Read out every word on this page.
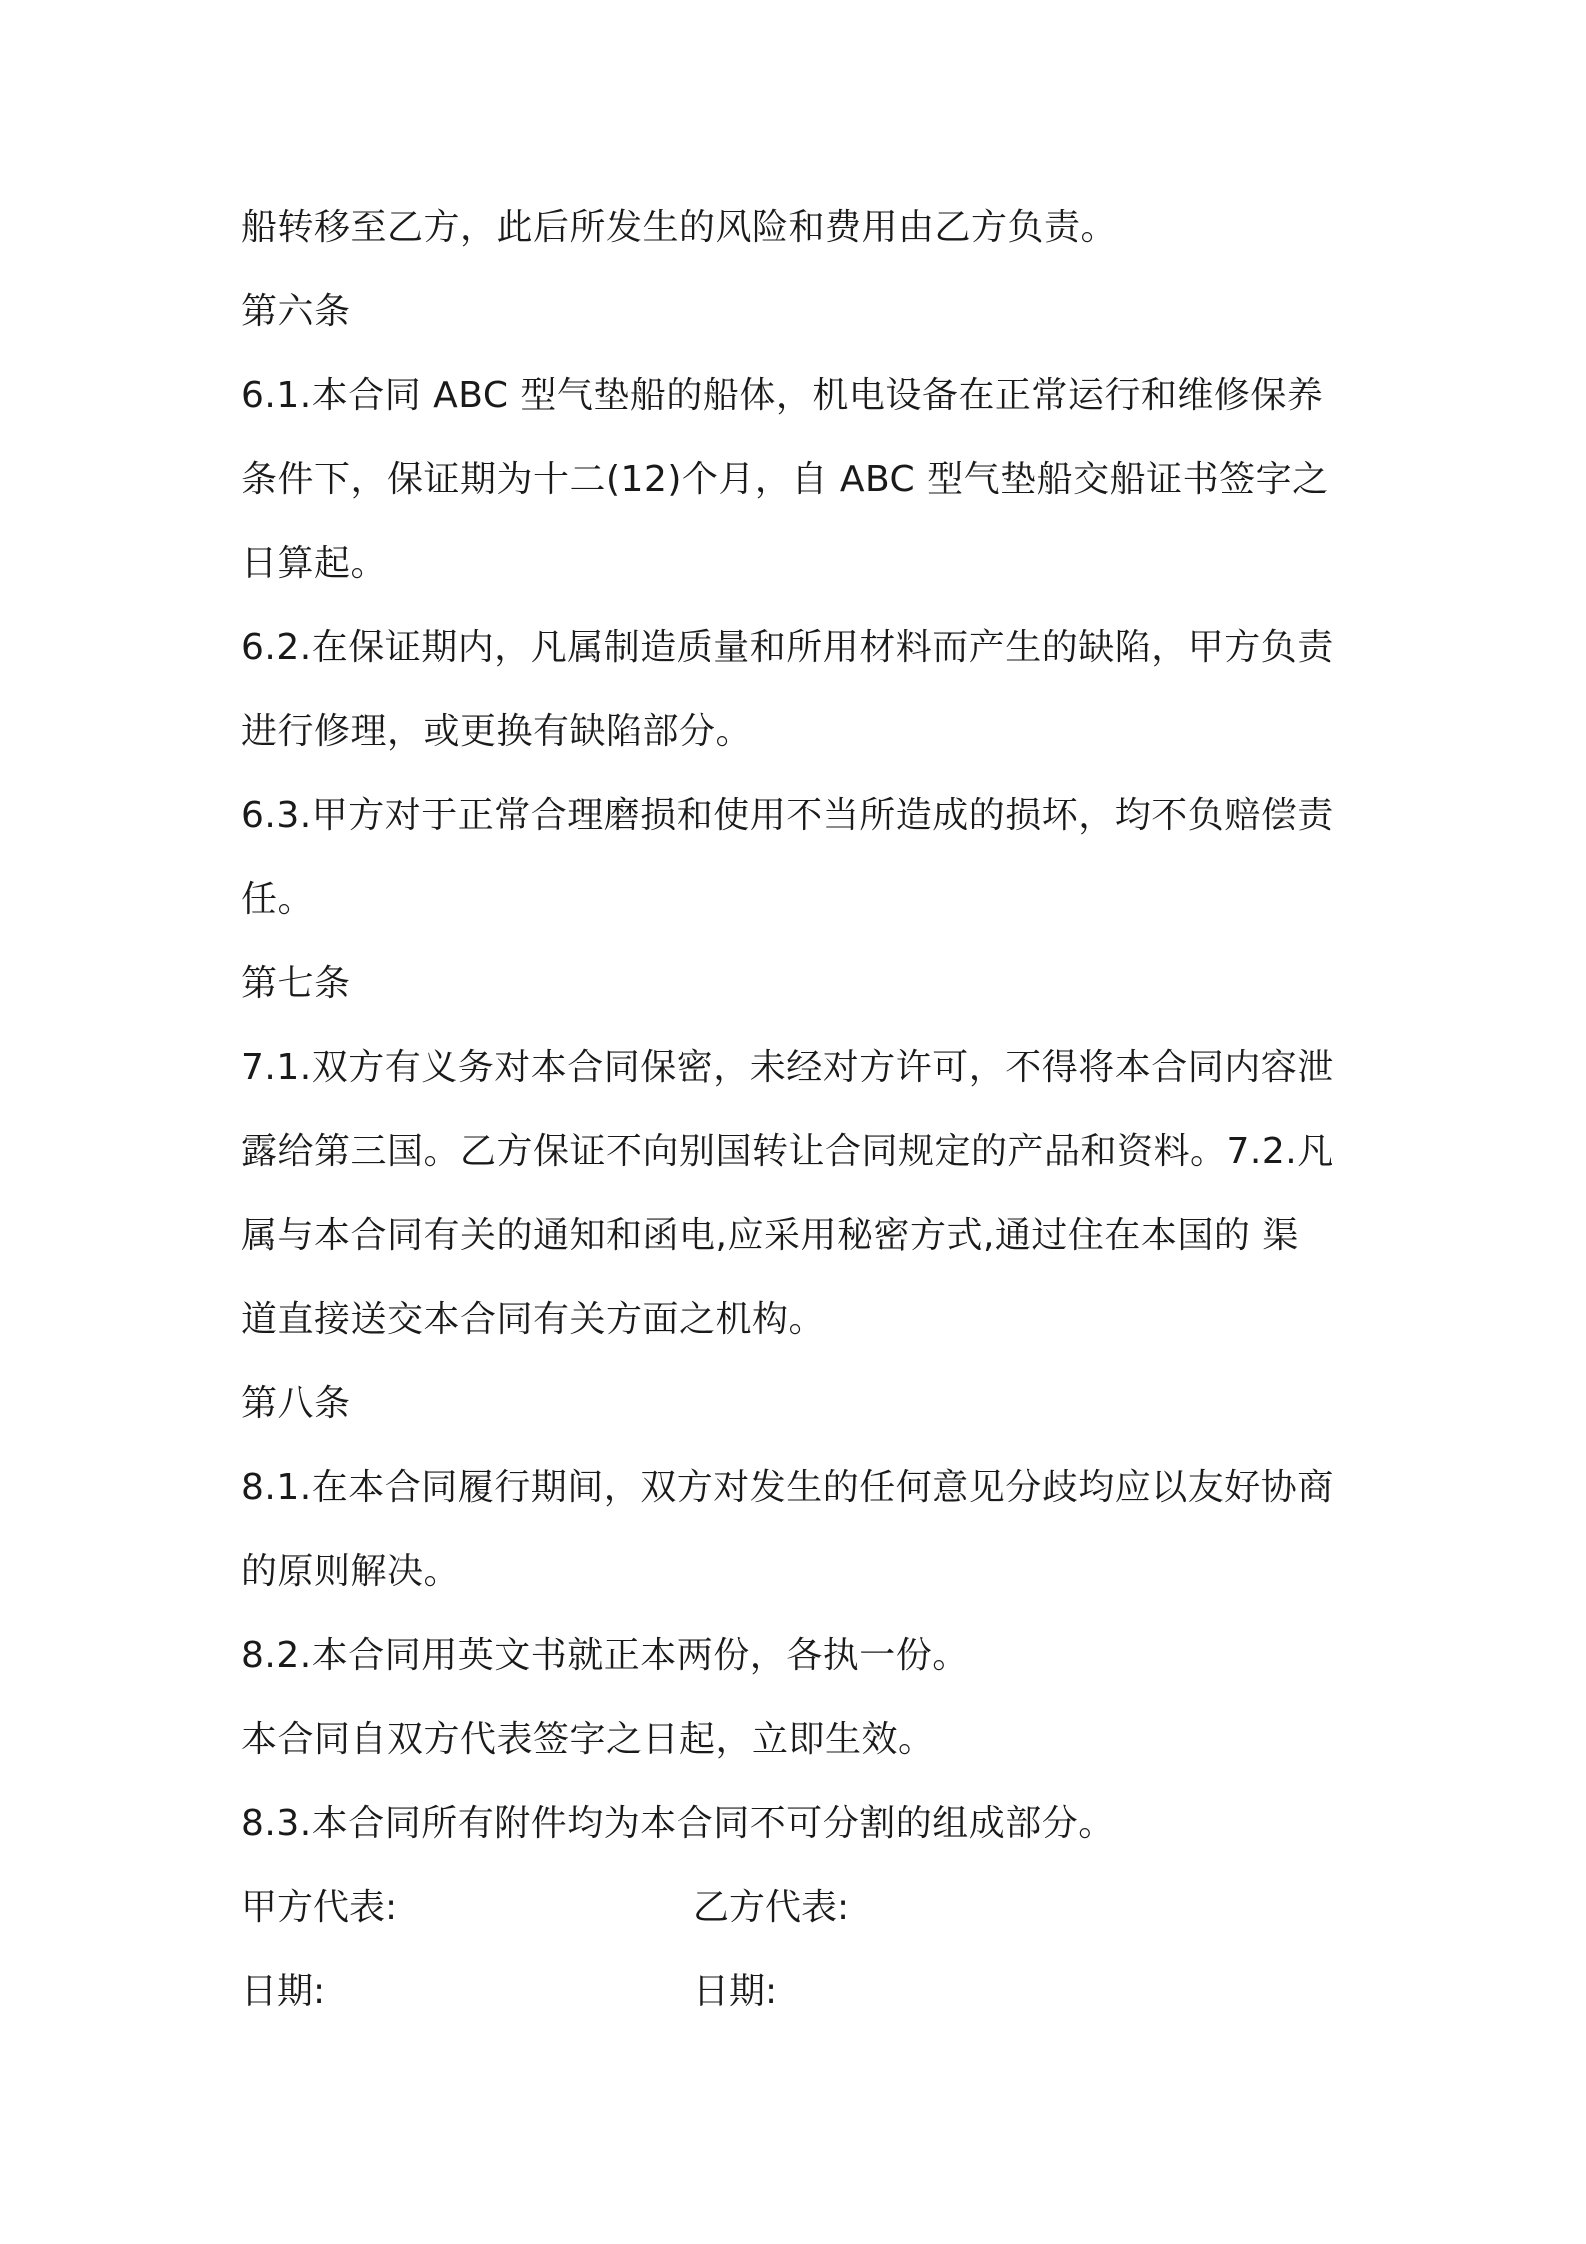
船转移至乙方，此后所发生的风险和费用由乙方负责。
第六条
6.1.本合同 ABC 型气垫船的船体，机电设备在正常运行和维修保养
条件下，保证期为十二(12)个月，自 ABC 型气垫船交船证书签字之
日算起。
6.2.在保证期内，凡属制造质量和所用材料而产生的缺陷，甲方负责
进行修理，或更换有缺陷部分。
6.3.甲方对于正常合理磨损和使用不当所造成的损坏，均不负赔偿责
任。
第七条
7.1.双方有义务对本合同保密，未经对方许可，不得将本合同内容泄
露给第三国。乙方保证不向别国转让合同规定的产品和资料。7.2.凡
属与本合同有关的通知和函电,应采用秘密方式,通过住在本国的 渠
道直接送交本合同有关方面之机构。
第八条
8.1.在本合同履行期间，双方对发生的任何意见分歧均应以友好协商
的原则解决。
8.2.本合同用英文书就正本两份，各执一份。
本合同自双方代表签字之日起，立即生效。
8.3.本合同所有附件均为本合同不可分割的组成部分。
甲方代表:	乙方代表:
日期:	日期:
